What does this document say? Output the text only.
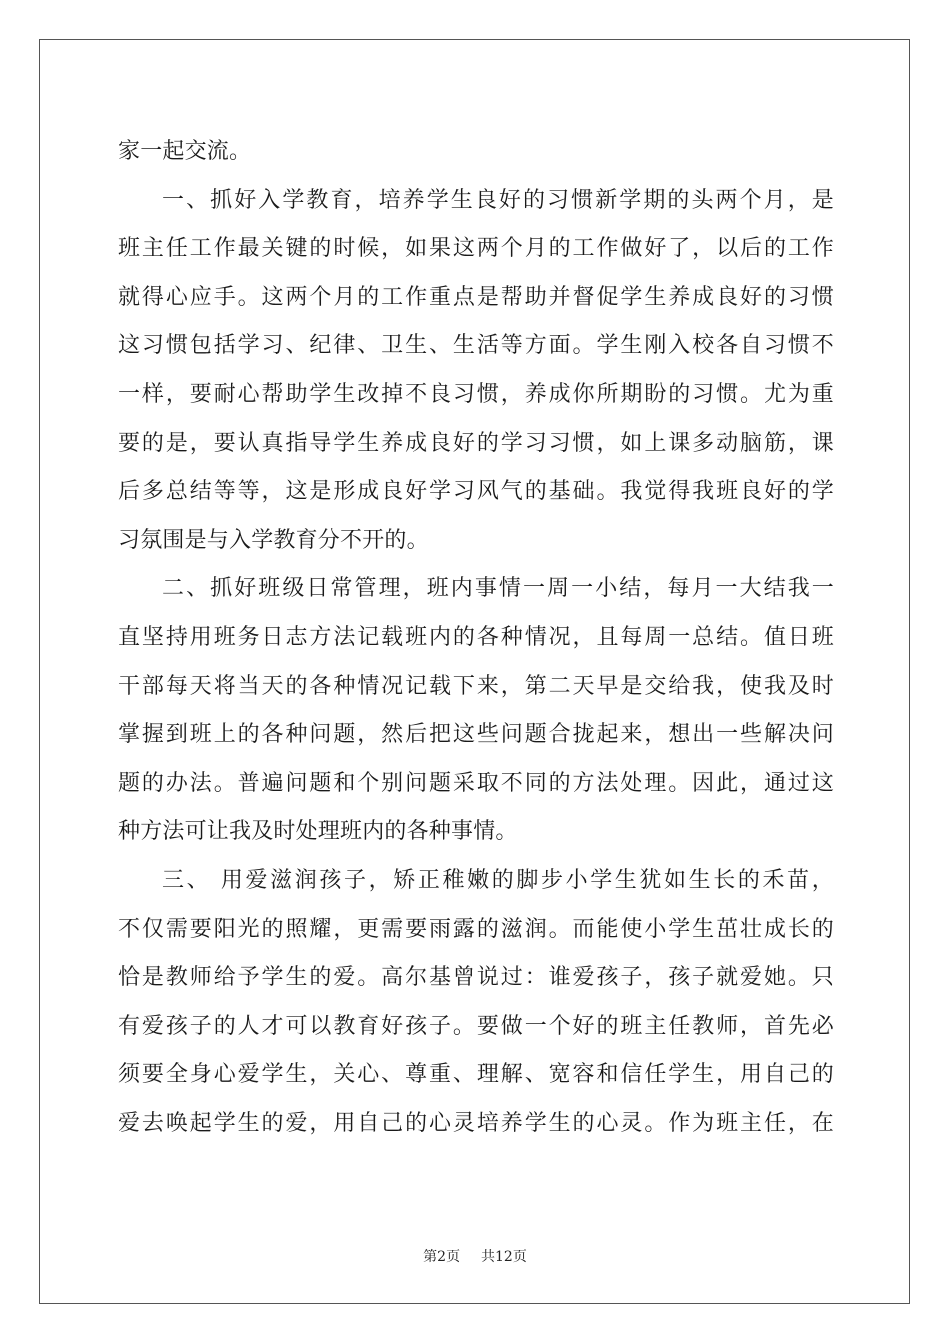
家一起交流。
一、抓好入学教育，培养学生良好的习惯新学期的头两个月，是
班主任工作最关键的时候，如果这两个月的工作做好了，以后的工作
就得心应手。这两个月的工作重点是帮助并督促学生养成良好的习惯
这习惯包括学习、纪律、卫生、生活等方面。学生刚入校各自习惯不
一样，要耐心帮助学生改掉不良习惯，养成你所期盼的习惯。尤为重
要的是，要认真指导学生养成良好的学习习惯，如上课多动脑筋，课
后多总结等等，这是形成良好学习风气的基础。我觉得我班良好的学
习氛围是与入学教育分不开的。
二、抓好班级日常管理，班内事情一周一小结，每月一大结我一
直坚持用班务日志方法记载班内的各种情况，且每周一总结。值日班
干部每天将当天的各种情况记载下来，第二天早是交给我，使我及时
掌握到班上的各种问题，然后把这些问题合拢起来，想出一些解决问
题的办法。普遍问题和个别问题采取不同的方法处理。因此，通过这
种方法可让我及时处理班内的各种事情。
三、 用爱滋润孩子，矫正稚嫩的脚步小学生犹如生长的禾苗，
不仅需要阳光的照耀，更需要雨露的滋润。而能使小学生茁壮成长的
恰是教师给予学生的爱。高尔基曾说过：谁爱孩子，孩子就爱她。只
有爱孩子的人才可以教育好孩子。要做一个好的班主任教师，首先必
须要全身心爱学生，关心、尊重、理解、宽容和信任学生，用自己的
爱去唤起学生的爱，用自己的心灵培养学生的心灵。作为班主任，在
第2页 共12页
